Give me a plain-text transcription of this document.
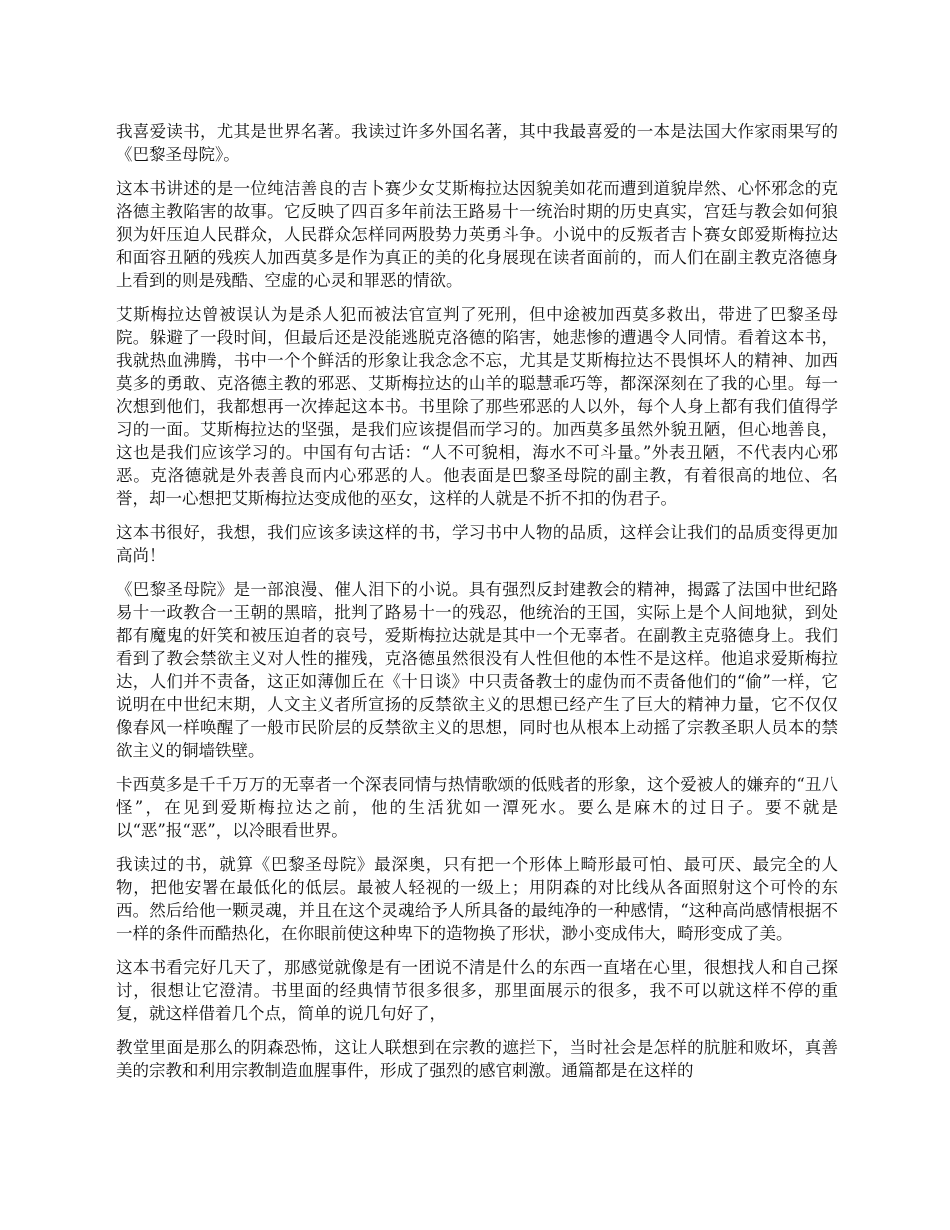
我喜爱读书，尤其是世界名著。我读过许多外国名著，其中我最喜爱的一本是法国大作家雨果写的《巴黎圣母院》。

这本书讲述的是一位纯洁善良的吉卜赛少女艾斯梅拉达因貌美如花而遭到道貌岸然、心怀邪念的克洛德主教陷害的故事。它反映了四百多年前法王路易十一统治时期的历史真实，宫廷与教会如何狼狈为奸压迫人民群众，人民群众怎样同两股势力英勇斗争。小说中的反叛者吉卜赛女郎爱斯梅拉达和面容丑陋的残疾人加西莫多是作为真正的美的化身展现在读者面前的，而人们在副主教克洛德身上看到的则是残酷、空虚的心灵和罪恶的情欲。

艾斯梅拉达曾被误认为是杀人犯而被法官宣判了死刑，但中途被加西莫多救出，带进了巴黎圣母院。躲避了一段时间，但最后还是没能逃脱克洛德的陷害，她悲惨的遭遇令人同情。看着这本书，我就热血沸腾，书中一个个鲜活的形象让我念念不忘，尤其是艾斯梅拉达不畏惧坏人的精神、加西莫多的勇敢、克洛德主教的邪恶、艾斯梅拉达的山羊的聪慧乖巧等，都深深刻在了我的心里。每一次想到他们，我都想再一次捧起这本书。书里除了那些邪恶的人以外，每个人身上都有我们值得学习的一面。艾斯梅拉达的坚强，是我们应该提倡而学习的。加西莫多虽然外貌丑陋，但心地善良，这也是我们应该学习的。中国有句古话：“人不可貌相，海水不可斗量。”外表丑陋，不代表内心邪恶。克洛德就是外表善良而内心邪恶的人。他表面是巴黎圣母院的副主教，有着很高的地位、名誉，却一心想把艾斯梅拉达变成他的巫女，这样的人就是不折不扣的伪君子。

这本书很好，我想，我们应该多读这样的书，学习书中人物的品质，这样会让我们的品质变得更加高尚！

《巴黎圣母院》是一部浪漫、催人泪下的小说。具有强烈反封建教会的精神，揭露了法国中世纪路易十一政教合一王朝的黑暗，批判了路易十一的残忍，他统治的王国，实际上是个人间地狱，到处都有魔鬼的奸笑和被压迫者的哀号，爱斯梅拉达就是其中一个无辜者。在副教主克骆德身上。我们看到了教会禁欲主义对人性的摧残，克洛德虽然很没有人性但他的本性不是这样。他追求爱斯梅拉达，人们并不责备，这正如薄伽丘在《十日谈》中只责备教士的虚伪而不责备他们的“偷”一样，它说明在中世纪末期，人文主义者所宣扬的反禁欲主义的思想已经产生了巨大的精神力量，它不仅仅像春风一样唤醒了一般市民阶层的反禁欲主义的思想，同时也从根本上动摇了宗教圣职人员本的禁欲主义的铜墙铁壁。

卡西莫多是千千万万的无辜者一个深表同情与热情歌颂的低贱者的形象，这个爱被人的嫌弃的“丑八怪”，在见到爱斯梅拉达之前，他的生活犹如一潭死水。要么是麻木的过日子。要不就是以“恶”报“恶”，以冷眼看世界。

我读过的书，就算《巴黎圣母院》最深奥，只有把一个形体上畸形最可怕、最可厌、最完全的人物，把他安署在最低化的低层。最被人轻视的一级上；用阴森的对比线从各面照射这个可怜的东西。然后给他一颗灵魂，并且在这个灵魂给予人所具备的最纯净的一种感情，“这种高尚感情根据不一样的条件而酷热化，在你眼前使这种卑下的造物换了形状，渺小变成伟大，畸形变成了美。

这本书看完好几天了，那感觉就像是有一团说不清是什么的东西一直堵在心里，很想找人和自己探讨，很想让它澄清。书里面的经典情节很多很多，那里面展示的很多，我不可以就这样不停的重复，就这样借着几个点，简单的说几句好了，

教堂里面是那么的阴森恐怖，这让人联想到在宗教的遮拦下，当时社会是怎样的肮脏和败坏，真善美的宗教和利用宗教制造血腥事件，形成了强烈的感官刺激。通篇都是在这样的
